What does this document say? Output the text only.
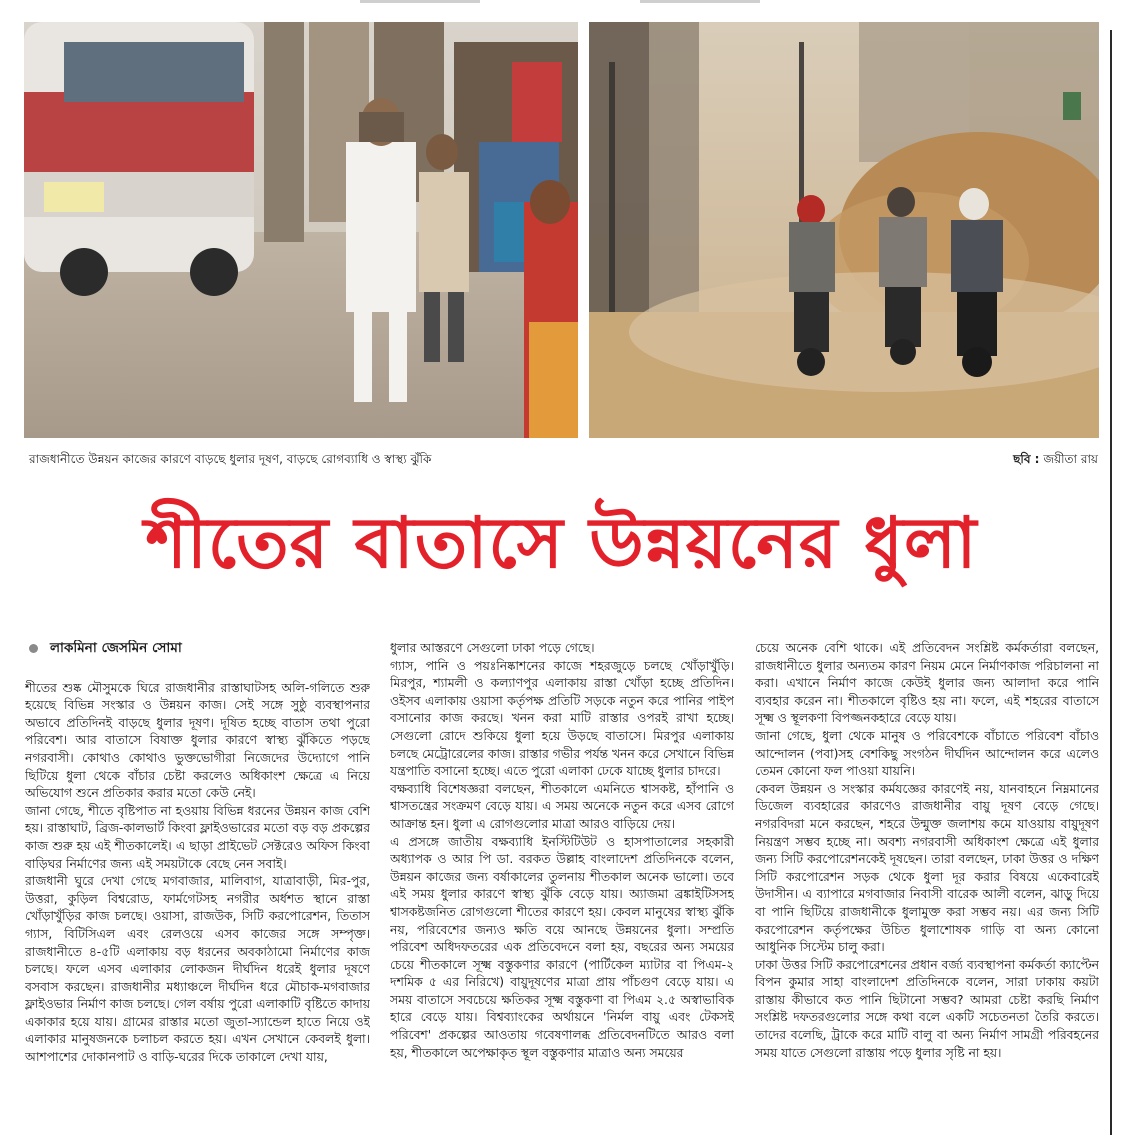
রাজধানীতে উন্নয়ন কাজের কারণে বাড়ছে ধুলার দূষণ, বাড়ছে রোগব্যাধি ও স্বাস্থ্য ঝুঁকি	ছবি : জয়ীতা রায়
শীতের বাতাসে উন্নয়নের ধুলা
লাকমিনা জেসমিন সোমা

শীতের শুষ্ক মৌসুমকে ঘিরে রাজধানীর রাস্তাঘাটসহ অলি-গলিতে শুরু হয়েছে বিভিন্ন সংস্কার ও উন্নয়ন কাজ। সেই সঙ্গে সুষ্ঠু ব্যবস্থাপনার অভাবে প্রতিদিনই বাড়ছে ধুলার দূষণ। দূষিত হচ্ছে বাতাস তথা পুরো পরিবেশ। আর বাতাসে বিষাক্ত ধুলার কারণে স্বাস্থ্য ঝুঁকিতে পড়ছে নগরবাসী। কোথাও কোথাও ভুক্তভোগীরা নিজেদের উদ্যোগে পানি ছিটিয়ে ধুলা থেকে বাঁচার চেষ্টা করলেও অধিকাংশ ক্ষেত্রে এ নিয়ে অভিযোগ শুনে প্রতিকার করার মতো কেউ নেই।

জানা গেছে, শীতে বৃষ্টিপাত না হওয়ায় বিভিন্ন ধরনের উন্নয়ন কাজ বেশি হয়। রাস্তাঘাট, ব্রিজ-কালভার্ট কিংবা ফ্লাইওভারের মতো বড় বড় প্রকল্পের কাজ শুরু হয় এই শীতকালেই। এ ছাড়া প্রাইভেট সেক্টরেও অফিস কিংবা বাড়িঘর নির্মাণের জন্য এই সময়টাকে বেছে নেন সবাই।

রাজধানী ঘুরে দেখা গেছে মগবাজার, মালিবাগ, যাত্রাবাড়ী, মির-পুর, উত্তরা, কুড়িল বিশ্বরোড, ফার্মগেটসহ নগরীর অর্ধশত স্থানে রাস্তা খোঁড়াখুঁড়ির কাজ চলছে। ওয়াসা, রাজউক, সিটি করপোরেশন, তিতাস গ্যাস, বিটিসিএল এবং রেলওয়ে এসব কাজের সঙ্গে সম্পৃক্ত। রাজধানীতে ৪-৫টি এলাকায় বড় ধরনের অবকাঠামো নির্মাণের কাজ চলছে। ফলে এসব এলাকার লোকজন দীর্ঘদিন ধরেই ধুলার দূষণে বসবাস করছেন। রাজধানীর মধ্যাঞ্চলে দীর্ঘদিন ধরে মৌচাক-মগবাজার ফ্লাইওভার নির্মাণ কাজ চলছে। গেল বর্ষায় পুরো এলাকাটি বৃষ্টিতে কাদায় একাকার হয়ে যায়। গ্রামের রাস্তার মতো জুতা-স্যান্ডেল হাতে নিয়ে ওই এলাকার মানুষজনকে চলাচল করতে হয়। এখন সেখানে কেবলই ধুলা। আশপাশের দোকানপাট ও বাড়ি-ঘরের দিকে তাকালে দেখা যায়,

ধুলার আস্তরণে সেগুলো ঢাকা পড়ে গেছে।

গ্যাস, পানি ও পয়ঃনিষ্কাশনের কাজে শহরজুড়ে চলছে খোঁড়াখুঁড়ি। মিরপুর, শ্যামলী ও কল্যাণপুর এলাকায় রাস্তা খোঁড়া হচ্ছে প্রতিদিন। ওইসব এলাকায় ওয়াসা কর্তৃপক্ষ প্রতিটি সড়কে নতুন করে পানির পাইপ বসানোর কাজ করছে। খনন করা মাটি রাস্তার ওপরই রাখা হচ্ছে। সেগুলো রোদে শুকিয়ে ধুলা হয়ে উড়ছে বাতাসে। মিরপুর এলাকায় চলছে মেট্রোরেলের কাজ। রাস্তার গভীর পর্যন্ত খনন করে সেখানে বিভিন্ন যন্ত্রপাতি বসানো হচ্ছে। এতে পুরো এলাকা ঢেকে যাচ্ছে ধুলার চাদরে।

বক্ষব্যাধি বিশেষজ্ঞরা বলছেন, শীতকালে এমনিতে শ্বাসকষ্ট, হাঁপানি ও শ্বাসতন্ত্রের সংক্রমণ বেড়ে যায়। এ সময় অনেকে নতুন করে এসব রোগে আক্রান্ত হন। ধুলা এ রোগগুলোর মাত্রা আরও বাড়িয়ে দেয়।

এ প্রসঙ্গে জাতীয় বক্ষব্যাধি ইনস্টিটিউট ও হাসপাতালের সহকারী অধ্যাপক ও আর পি ডা. বরকত উল্লাহ বাংলাদেশ প্রতিদিনকে বলেন, উন্নয়ন কাজের জন্য বর্ষাকালের তুলনায় শীতকাল অনেক ভালো। তবে এই সময় ধুলার কারণে স্বাস্থ্য ঝুঁকি বেড়ে যায়। অ্যাজমা ব্রঙ্কাইটিসসহ শ্বাসকষ্টজনিত রোগগুলো শীতের কারণে হয়। কেবল মানুষের স্বাস্থ্য ঝুঁকি নয়, পরিবেশের জন্যও ক্ষতি বয়ে আনছে উন্নয়নের ধুলা। সম্প্রতি পরিবেশ অধিদফতরের এক প্রতিবেদনে বলা হয়, বছরের অন্য সময়ের চেয়ে শীতকালে সূক্ষ্ম বস্তুকণার কারণে (পার্টিকেল ম্যাটার বা পিএম-২ দশমিক ৫ এর নিরিখে) বায়ুদূষণের মাত্রা প্রায় পাঁচগুণ বেড়ে যায়। এ সময় বাতাসে সবচেয়ে ক্ষতিকর সূক্ষ্ম বস্তুকণা বা পিএম ২.৫ অস্বাভাবিক হারে বেড়ে যায়। বিশ্বব্যাংকের অর্থায়নে 'নির্মল বায়ু এবং টেকসই পরিবেশ' প্রকল্পের আওতায় গবেষণালব্ধ প্রতিবেদনটিতে আরও বলা হয়, শীতকালে অপেক্ষাকৃত স্থূল বস্তুকণার মাত্রাও অন্য সময়ের

চেয়ে অনেক বেশি থাকে। এই প্রতিবেদন সংশ্লিষ্ট কর্মকর্তারা বলছেন, রাজধানীতে ধুলার অন্যতম কারণ নিয়ম মেনে নির্মাণকাজ পরিচালনা না করা। এখানে নির্মাণ কাজে কেউই ধুলার জন্য আলাদা করে পানি ব্যবহার করেন না। শীতকালে বৃষ্টিও হয় না। ফলে, এই শহরের বাতাসে সূক্ষ্ম ও স্থূলকণা বিপজ্জনকহারে বেড়ে যায়।

জানা গেছে, ধুলা থেকে মানুষ ও পরিবেশকে বাঁচাতে পরিবেশ বাঁচাও আন্দোলন (পবা)সহ বেশকিছু সংগঠন দীর্ঘদিন আন্দোলন করে এলেও তেমন কোনো ফল পাওয়া যায়নি।

কেবল উন্নয়ন ও সংস্কার কর্মযজ্ঞের কারণেই নয়, যানবাহনে নিম্নমানের ডিজেল ব্যবহারের কারণেও রাজধানীর বায়ু দূষণ বেড়ে গেছে। নগরবিদরা মনে করছেন, শহরে উন্মুক্ত জলাশয় কমে যাওয়ায় বায়ুদূষণ নিয়ন্ত্রণ সম্ভব হচ্ছে না। অবশ্য নগরবাসী অধিকাংশ ক্ষেত্রে এই ধুলার জন্য সিটি করপোরেশনকেই দূষছেন। তারা বলছেন, ঢাকা উত্তর ও দক্ষিণ সিটি করপোরেশন সড়ক থেকে ধুলা দূর করার বিষয়ে একেবারেই উদাসীন। এ ব্যাপারে মগবাজার নিবাসী বারেক আলী বলেন, ঝাড়ু দিয়ে বা পানি ছিটিয়ে রাজধানীকে ধুলামুক্ত করা সম্ভব নয়। এর জন্য সিটি করপোরেশন কর্তৃপক্ষের উচিত ধুলাশোষক গাড়ি বা অন্য কোনো আধুনিক সিস্টেম চালু করা।

ঢাকা উত্তর সিটি করপোরেশনের প্রধান বর্জ্য ব্যবস্থাপনা কর্মকর্তা ক্যাপ্টেন বিপন কুমার সাহা বাংলাদেশ প্রতিদিনকে বলেন, সারা ঢাকায় কয়টা রাস্তায় কীভাবে কত পানি ছিটানো সম্ভব? আমরা চেষ্টা করছি নির্মাণ সংশ্লিষ্ট দফতরগুলোর সঙ্গে কথা বলে একটি সচেতনতা তৈরি করতে। তাদের বলেছি, ট্রাকে করে মাটি বালু বা অন্য নির্মাণ সামগ্রী পরিবহনের সময় যাতে সেগুলো রাস্তায় পড়ে ধুলার সৃষ্টি না হয়।
